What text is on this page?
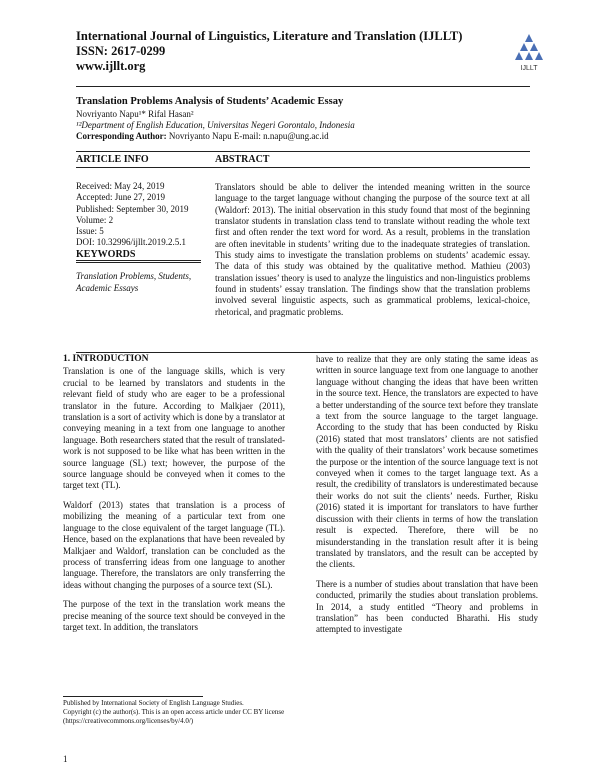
International Journal of Linguistics, Literature and Translation (IJLLT)
ISSN: 2617-0299
www.ijllt.org	IJLLT
Translation Problems Analysis of Students’ Academic Essay
Novriyanto Napu¹* Rifal Hasan²
¹²Department of English Education, Universitas Negeri Gorontalo, Indonesia
Corresponding Author: Novriyanto Napu E-mail: n.napu@ung.ac.id
ARTICLE INFO	ABSTRACT
Received: May 24, 2019
Accepted: June 27, 2019
Published: September 30, 2019
Volume: 2
Issue: 5
DOI: 10.32996/ijllt.2019.2.5.1
KEYWORDS
Translation Problems, Students, Academic Essays
Translators should be able to deliver the intended meaning written in the source language to the target language without changing the purpose of the source text at all (Waldorf: 2013). The initial observation in this study found that most of the beginning translator students in translation class tend to translate without reading the whole text first and often render the text word for word. As a result, problems in the translation are often inevitable in students’ writing due to the inadequate strategies of translation. This study aims to investigate the translation problems on students’ academic essay. The data of this study was obtained by the qualitative method. Mathieu (2003) translation issues’ theory is used to analyze the linguistics and non-linguistics problems found in students’ essay translation. The findings show that the translation problems involved several linguistic aspects, such as grammatical problems, lexical-choice, rhetorical, and pragmatic problems.
1. INTRODUCTION

Translation is one of the language skills, which is very crucial to be learned by translators and students in the relevant field of study who are eager to be a professional translator in the future. According to Malkjaer (2011), translation is a sort of activity which is done by a translator at conveying meaning in a text from one language to another language. Both researchers stated that the result of translated-work is not supposed to be like what has been written in the source language (SL) text; however, the purpose of the source language should be conveyed when it comes to the target text (TL).

Waldorf (2013) states that translation is a process of mobilizing the meaning of a particular text from one language to the close equivalent of the target language (TL). Hence, based on the explanations that have been revealed by Malkjaer and Waldorf, translation can be concluded as the process of transferring ideas from one language to another language. Therefore, the translators are only transferring the ideas without changing the purposes of a source text (SL).

The purpose of the text in the translation work means the precise meaning of the source text should be conveyed in the target text. In addition, the translators

have to realize that they are only stating the same ideas as written in source language text from one language to another language without changing the ideas that have been written in the source text. Hence, the translators are expected to have a better understanding of the source text before they translate a text from the source language to the target language. According to the study that has been conducted by Risku (2016) stated that most translators’ clients are not satisfied with the quality of their translators’ work because sometimes the purpose or the intention of the source language text is not conveyed when it comes to the target language text. As a result, the credibility of translators is underestimated because their works do not suit the clients’ needs. Further, Risku (2016) stated it is important for translators to have further discussion with their clients in terms of how the translation result is expected. Therefore, there will be no misunderstanding in the translation result after it is being translated by translators, and the result can be accepted by the clients.

There is a number of studies about translation that have been conducted, primarily the studies about translation problems. In 2014, a study entitled “Theory and problems in translation” has been conducted Bharathi. His study attempted to investigate

Published by International Society of English Language Studies.
Copyright (c) the author(s). This is an open access article under CC BY license (https://creativecommons.org/licenses/by/4.0/)
1
